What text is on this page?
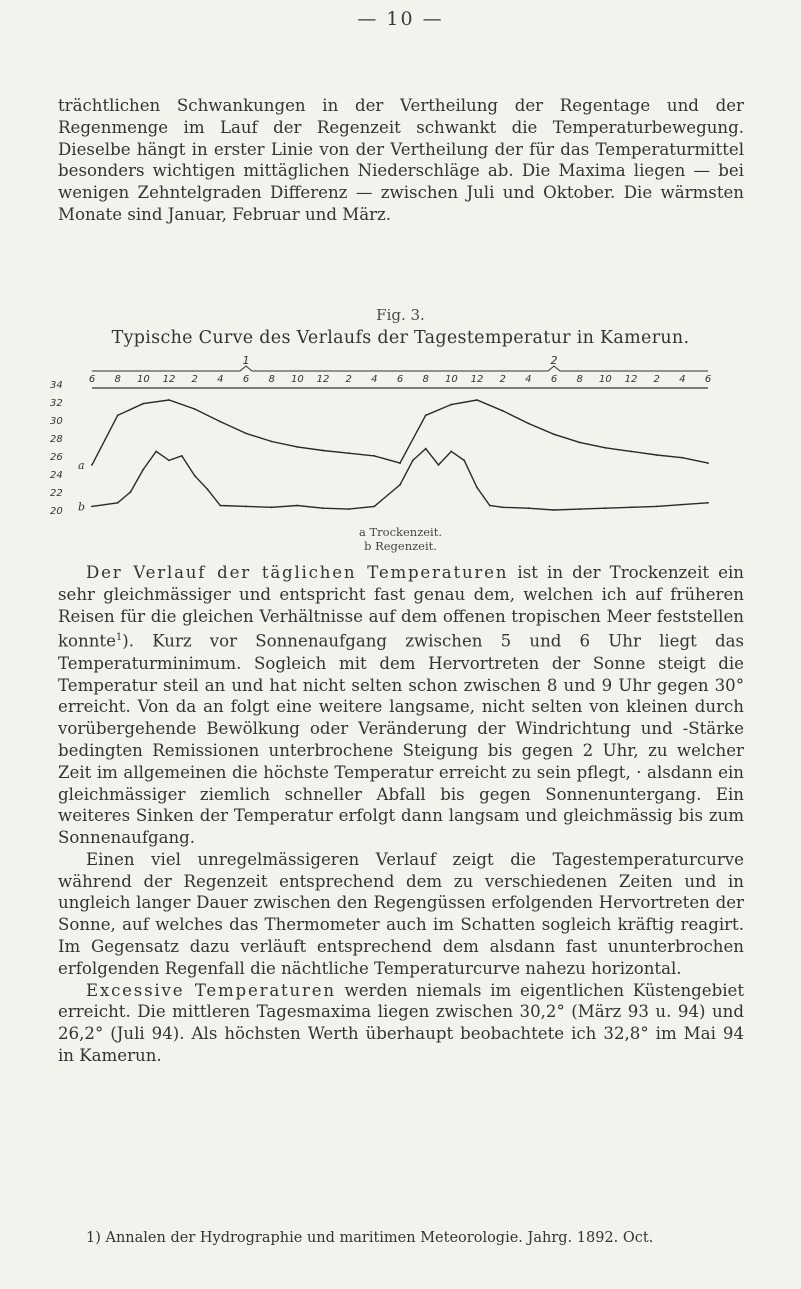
— 10 —

trächtlichen Schwankungen in der Vertheilung der Regentage und der Regenmenge im Lauf der Regenzeit schwankt die Temperaturbewegung. Dieselbe hängt in erster Linie von der Vertheilung der für das Temperaturmittel besonders wichtigen mittäglichen Niederschläge ab. Die Maxima liegen — bei wenigen Zehntelgraden Differenz — zwischen Juli und Oktober. Die wärmsten Monate sind Januar, Februar und März.

Fig. 3.
Typische Curve des Verlaufs der Tagestemperatur in Kamerun.
20
22
24
26
28
30
32
34
6 8 10 12 2 4 6 8 10 12 2 4 6 8 10 12 2 4 6 8 10 12 2 4 6
1	2
a
b
a Trockenzeit.
b Regenzeit.

Der Verlauf der täglichen Temperaturen ist in der Trockenzeit ein sehr gleichmässiger und entspricht fast genau dem, welchen ich auf früheren Reisen für die gleichen Verhältnisse auf dem offenen tropischen Meer feststellen konnte$^1$). Kurz vor Sonnenaufgang zwischen 5 und 6 Uhr liegt das Temperaturminimum. Sogleich mit dem Hervortreten der Sonne steigt die Temperatur steil an und hat nicht selten schon zwischen 8 und 9 Uhr gegen 30° erreicht. Von da an folgt eine weitere langsame, nicht selten von kleinen durch vorübergehende Bewölkung oder Veränderung der Windrichtung und -Stärke bedingten Remissionen unterbrochene Steigung bis gegen 2 Uhr, zu welcher Zeit im allgemeinen die höchste Temperatur erreicht zu sein pflegt, · alsdann ein gleichmässiger ziemlich schneller Abfall bis gegen Sonnenuntergang. Ein weiteres Sinken der Temperatur erfolgt dann langsam und gleichmässig bis zum Sonnenaufgang.

Einen viel unregelmässigeren Verlauf zeigt die Tagestemperaturcurve während der Regenzeit entsprechend dem zu verschiedenen Zeiten und in ungleich langer Dauer zwischen den Regengüssen erfolgenden Hervortreten der Sonne, auf welches das Thermometer auch im Schatten sogleich kräftig reagirt. Im Gegensatz dazu verläuft entsprechend dem alsdann fast ununterbrochen erfolgenden Regenfall die nächtliche Temperaturcurve nahezu horizontal.

Excessive Temperaturen werden niemals im eigentlichen Küstengebiet erreicht. Die mittleren Tagesmaxima liegen zwischen 30,2° (März 93 u. 94) und 26,2° (Juli 94). Als höchsten Werth überhaupt beobachtete ich 32,8° im Mai 94 in Kamerun.

1) Annalen der Hydrographie und maritimen Meteorologie. Jahrg. 1892. Oct.
